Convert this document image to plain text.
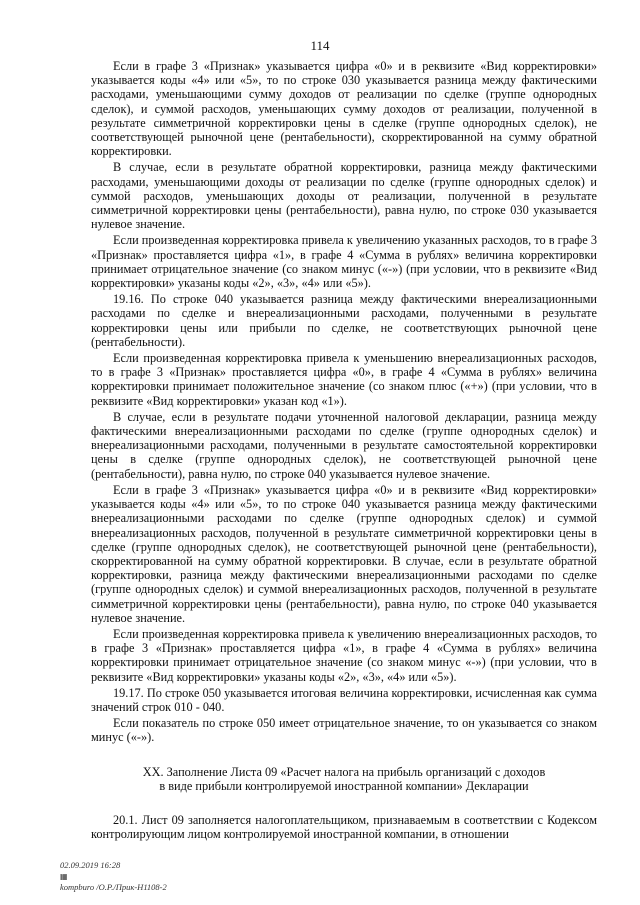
114

Если в графе 3 «Признак» указывается цифра «0» и в реквизите «Вид корректировки» указывается коды «4» или «5», то по строке 030 указывается разница между фактическими расходами, уменьшающими сумму доходов от реализации по сделке (группе однородных сделок), и суммой расходов, уменьшающих сумму доходов от реализации, полученной в результате симметричной корректировки цены в сделке (группе однородных сделок), не соответствующей рыночной цене (рентабельности), скорректированной на сумму обратной корректировки.

В случае, если в результате обратной корректировки, разница между фактическими расходами, уменьшающими доходы от реализации по сделке (группе однородных сделок) и суммой расходов, уменьшающих доходы от реализации, полученной в результате симметричной корректировки цены (рентабельности), равна нулю, по строке 030 указывается нулевое значение.

Если произведенная корректировка привела к увеличению указанных расходов, то в графе 3 «Признак» проставляется цифра «1», в графе 4 «Сумма в рублях» величина корректировки принимает отрицательное значение (со знаком минус («-») (при условии, что в реквизите «Вид корректировки» указаны коды «2», «3», «4» или «5»).

19.16. По строке 040 указывается разница между фактическими внереализационными расходами по сделке и внереализационными расходами, полученными в результате корректировки цены или прибыли по сделке, не соответствующих рыночной цене (рентабельности).

Если произведенная корректировка привела к уменьшению внереализационных расходов, то в графе 3 «Признак» проставляется цифра «0», в графе 4 «Сумма в рублях» величина корректировки принимает положительное значение (со знаком плюс («+») (при условии, что в реквизите «Вид корректировки» указан код «1»).

В случае, если в результате подачи уточненной налоговой декларации, разница между фактическими внереализационными расходами по сделке (группе однородных сделок) и внереализационными расходами, полученными в результате самостоятельной корректировки цены в сделке (группе однородных сделок), не соответствующей рыночной цене (рентабельности), равна нулю, по строке 040 указывается нулевое значение.

Если в графе 3 «Признак» указывается цифра «0» и в реквизите «Вид корректировки» указывается коды «4» или «5», то по строке 040 указывается разница между фактическими внереализационными расходами по сделке (группе однородных сделок) и суммой внереализационных расходов, полученной в результате симметричной корректировки цены в сделке (группе однородных сделок), не соответствующей рыночной цене (рентабельности), скорректированной на сумму обратной корректировки. В случае, если в результате обратной корректировки, разница между фактическими внереализационными расходами по сделке (группе однородных сделок) и суммой внереализационных расходов, полученной в результате симметричной корректировки цены (рентабельности), равна нулю, по строке 040 указывается нулевое значение.

Если произведенная корректировка привела к увеличению внереализационных расходов, то в графе 3 «Признак» проставляется цифра «1», в графе 4 «Сумма в рублях» величина корректировки принимает отрицательное значение (со знаком минус «-») (при условии, что в реквизите «Вид корректировки» указаны коды «2», «3», «4» или «5»).

19.17. По строке 050 указывается итоговая величина корректировки, исчисленная как сумма значений строк 010 - 040.

Если показатель по строке 050 имеет отрицательное значение, то он указывается со знаком минус («-»).

XX. Заполнение Листа 09 «Расчет налога на прибыль организаций с доходов
в виде прибыли контролируемой иностранной компании» Декларации

20.1. Лист 09 заполняется налогоплательщиком, признаваемым в соответствии с Кодексом контролирующим лицом контролируемой иностранной компании, в отношении

02.09.2019 16:28
▦
kompburo /О.Р./Прик-Н1108-2
